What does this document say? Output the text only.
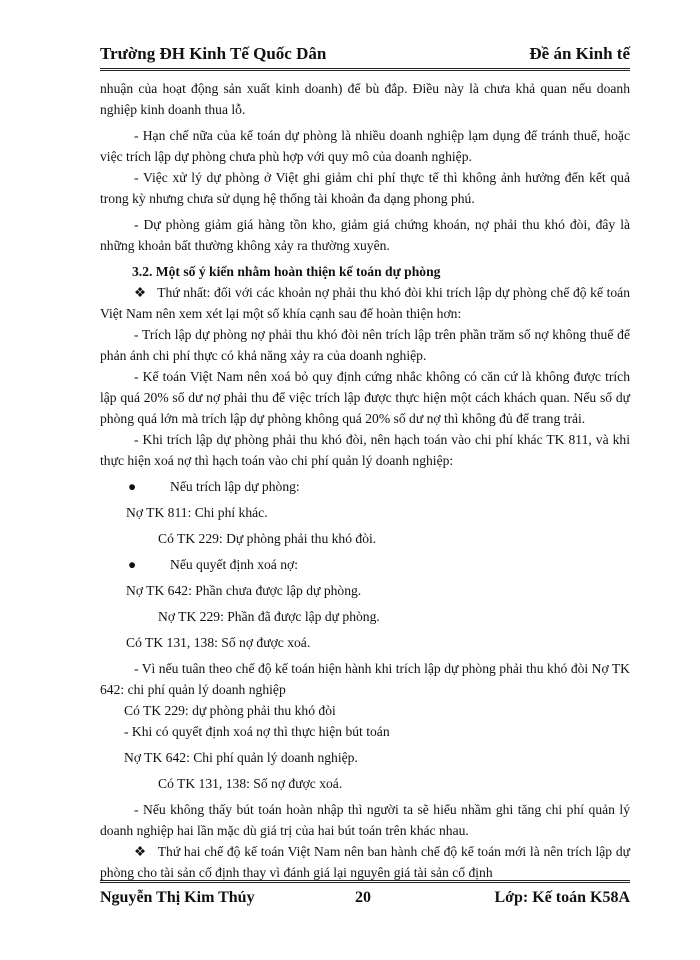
Trường ĐH Kinh Tế Quốc Dân	Đề án Kinh tế

nhuận của hoạt động sản xuất kinh doanh) để bù đắp. Điều này là chưa khả quan nếu doanh nghiệp kinh doanh thua lỗ.

- Hạn chế nữa của kế toán dự phòng là nhiều doanh nghiệp lạm dụng để tránh thuế, hoặc việc trích lập dự phòng chưa phù hợp với quy mô của doanh nghiệp.

- Việc xử lý dự phòng ở Việt ghi giảm chi phí thực tế thì không ảnh hưởng đến kết quả trong kỳ nhưng chưa sử dụng hệ thống tài khoản đa dạng phong phú.

- Dự phòng giảm giá hàng tồn kho, giảm giá chứng khoán, nợ phải thu khó đòi, đây là những khoản bất thường không xảy ra thường xuyên.

3.2. Một số ý kiến nhằm hoàn thiện kế toán dự phòng

❖ Thứ nhất: đối với các khoản nợ phải thu khó đòi khi trích lập dự phòng chế độ kế toán Việt Nam nên xem xét lại một số khía cạnh sau để hoàn thiện hơn:

- Trích lập dự phòng nợ phải thu khó đòi nên trích lập trên phần trăm số nợ không thuế để phản ánh chi phí thực có khả năng xảy ra của doanh nghiệp.

- Kế toán Việt Nam nên xoá bỏ quy định cứng nhắc không có căn cứ là không được trích lập quá 20% số dư nợ phải thu để việc trích lập được thực hiện một cách khách quan. Nếu số dự phòng quá lớn mà trích lập dự phòng không quá 20% số dư nợ thì không đủ để trang trải.

- Khi trích lập dự phòng phải thu khó đòi, nên hạch toán vào chi phí khác TK 811, và khi thực hiện xoá nợ thì hạch toán vào chi phí quản lý doanh nghiệp:

● Nếu trích lập dự phòng:

Nợ TK 811: Chi phí khác.

Có TK 229: Dự phòng phải thu khó đòi.

● Nếu quyết định xoá nợ:

Nợ TK 642: Phần chưa được lập dự phòng.

Nợ TK 229: Phần đã được lập dự phòng.

Có TK 131, 138: Số nợ được xoá.

- Vì nếu tuân theo chế độ kế toán hiện hành khi trích lập dự phòng phải thu khó đòi Nợ TK 642: chi phí quản lý doanh nghiệp

Có TK 229: dự phòng phải thu khó đòi

- Khi có quyết định xoá nợ thì thực hiện bút toán

Nợ TK 642: Chi phí quản lý doanh nghiệp.

Có TK 131, 138: Số nợ được xoá.

- Nếu không thấy bút toán hoàn nhập thì người ta sẽ hiểu nhầm ghi tăng chi phí quản lý doanh nghiệp hai lần mặc dù giá trị của hai bút toán trên khác nhau.

❖ Thứ hai chế độ kế toán Việt Nam nên ban hành chế độ kế toán mới là nên trích lập dự phòng cho tài sản cố định thay vì đánh giá lại nguyên giá tài sản cố định

Nguyễn Thị Kim Thúy	20	Lớp: Kế toán K58A
